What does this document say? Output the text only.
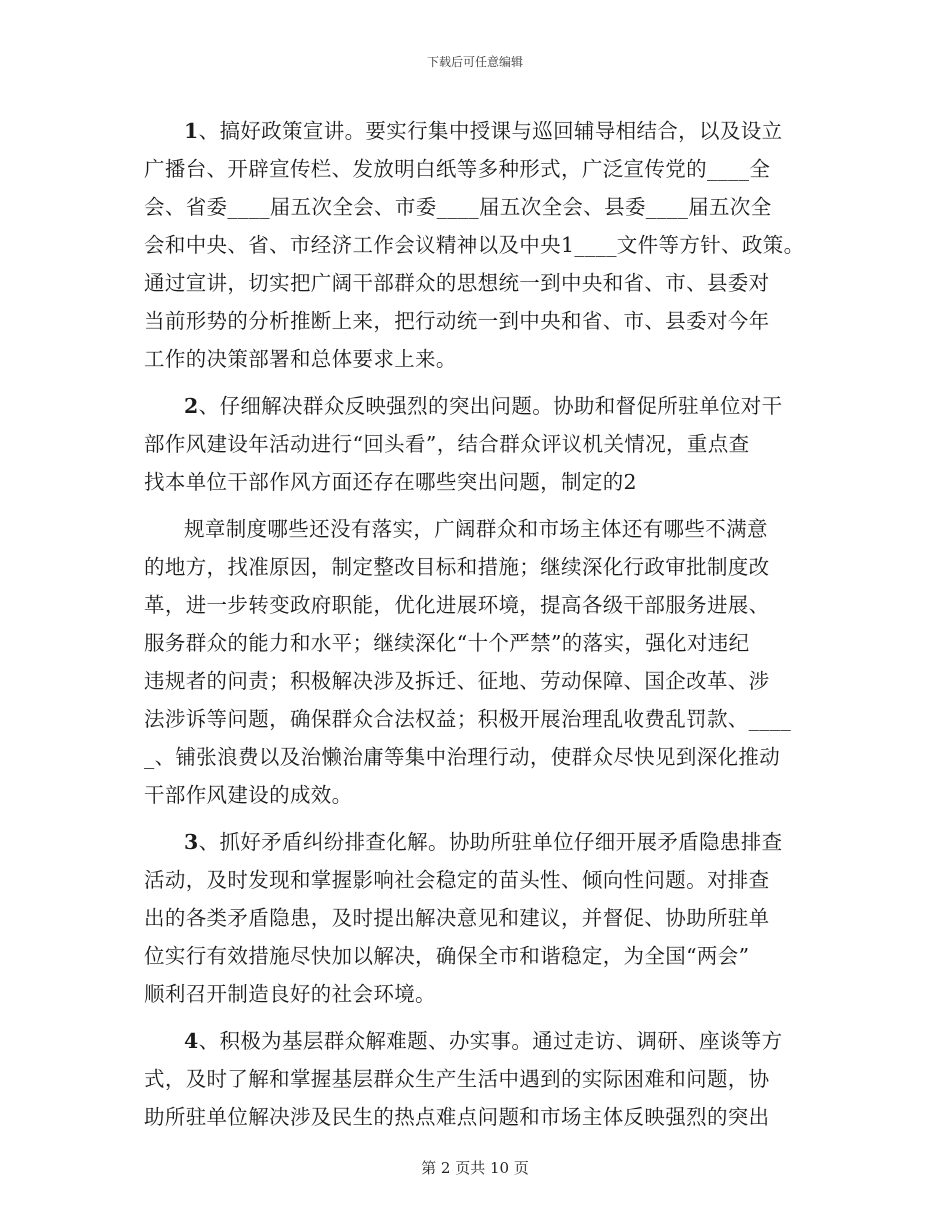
下载后可任意编辑
1、搞好政策宣讲。要实行集中授课与巡回辅导相结合，以及设立
广播台、开辟宣传栏、发放明白纸等多种形式，广泛宣传党的____全
会、省委____届五次全会、市委____届五次全会、县委____届五次全
会和中央、省、市经济工作会议精神以及中央1____文件等方针、政策。
通过宣讲，切实把广阔干部群众的思想统一到中央和省、市、县委对
当前形势的分析推断上来，把行动统一到中央和省、市、县委对今年
工作的决策部署和总体要求上来。
2、仔细解决群众反映强烈的突出问题。协助和督促所驻单位对干
部作风建设年活动进行“回头看”，结合群众评议机关情况，重点查
找本单位干部作风方面还存在哪些突出问题，制定的2
规章制度哪些还没有落实，广阔群众和市场主体还有哪些不满意
的地方，找准原因，制定整改目标和措施；继续深化行政审批制度改
革，进一步转变政府职能，优化进展环境，提高各级干部服务进展、
服务群众的能力和水平；继续深化“十个严禁”的落实，强化对违纪
违规者的问责；积极解决涉及拆迁、征地、劳动保障、国企改革、涉
法涉诉等问题，确保群众合法权益；积极开展治理乱收费乱罚款、____
_、铺张浪费以及治懒治庸等集中治理行动，使群众尽快见到深化推动
干部作风建设的成效。
3、抓好矛盾纠纷排查化解。协助所驻单位仔细开展矛盾隐患排查
活动，及时发现和掌握影响社会稳定的苗头性、倾向性问题。对排查
出的各类矛盾隐患，及时提出解决意见和建议，并督促、协助所驻单
位实行有效措施尽快加以解决，确保全市和谐稳定，为全国“两会”
顺利召开制造良好的社会环境。
4、积极为基层群众解难题、办实事。通过走访、调研、座谈等方
式，及时了解和掌握基层群众生产生活中遇到的实际困难和问题，协
助所驻单位解决涉及民生的热点难点问题和市场主体反映强烈的突出
第 2 页共 10 页
